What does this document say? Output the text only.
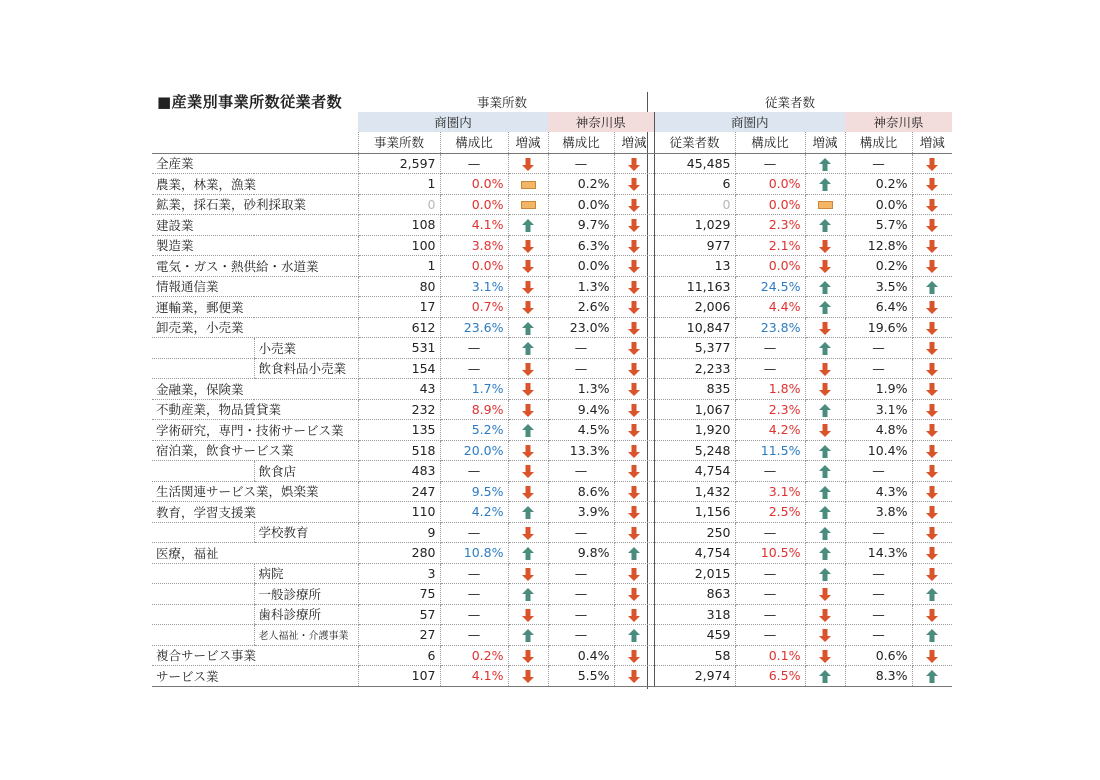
■産業別事業所数従業者数	事業所数	従業者数
		商圏内			神奈川県		商圏内			神奈川県	
		事業所数	構成比	増減	構成比	増減	従業者数	構成比	増減	構成比	増減
全産業		2,597	—		—		45,485	—		—	
農業，林業，漁業		1	0.0%		0.2%		6	0.0%		0.2%	
鉱業，採石業，砂利採取業		0	0.0%		0.0%		0	0.0%		0.0%	
建設業		108	4.1%		9.7%		1,029	2.3%		5.7%	
製造業		100	3.8%		6.3%		977	2.1%		12.8%	
電気・ガス・熱供給・水道業		1	0.0%		0.0%		13	0.0%		0.2%	
情報通信業		80	3.1%		1.3%		11,163	24.5%		3.5%	
運輸業，郵便業		17	0.7%		2.6%		2,006	4.4%		6.4%	
卸売業，小売業		612	23.6%		23.0%		10,847	23.8%		19.6%	
	小売業	531	—		—		5,377	—		—	
	飲食料品小売業	154	—		—		2,233	—		—	
金融業，保険業		43	1.7%		1.3%		835	1.8%		1.9%	
不動産業，物品賃貸業		232	8.9%		9.4%		1,067	2.3%		3.1%	
学術研究，専門・技術サービス業		135	5.2%		4.5%		1,920	4.2%		4.8%	
宿泊業，飲食サービス業		518	20.0%		13.3%		5,248	11.5%		10.4%	
	飲食店	483	—		—		4,754	—		—	
生活関連サービス業，娯楽業		247	9.5%		8.6%		1,432	3.1%		4.3%	
教育，学習支援業		110	4.2%		3.9%		1,156	2.5%		3.8%	
	学校教育	9	—		—		250	—		—	
医療，福祉		280	10.8%		9.8%		4,754	10.5%		14.3%	
	病院	3	—		—		2,015	—		—	
	一般診療所	75	—		—		863	—		—	
	歯科診療所	57	—		—		318	—		—	
	老人福祉・介護事業	27	—		—		459	—		—	
複合サービス事業		6	0.2%		0.4%		58	0.1%		0.6%	
サービス業		107	4.1%		5.5%		2,974	6.5%		8.3%	
